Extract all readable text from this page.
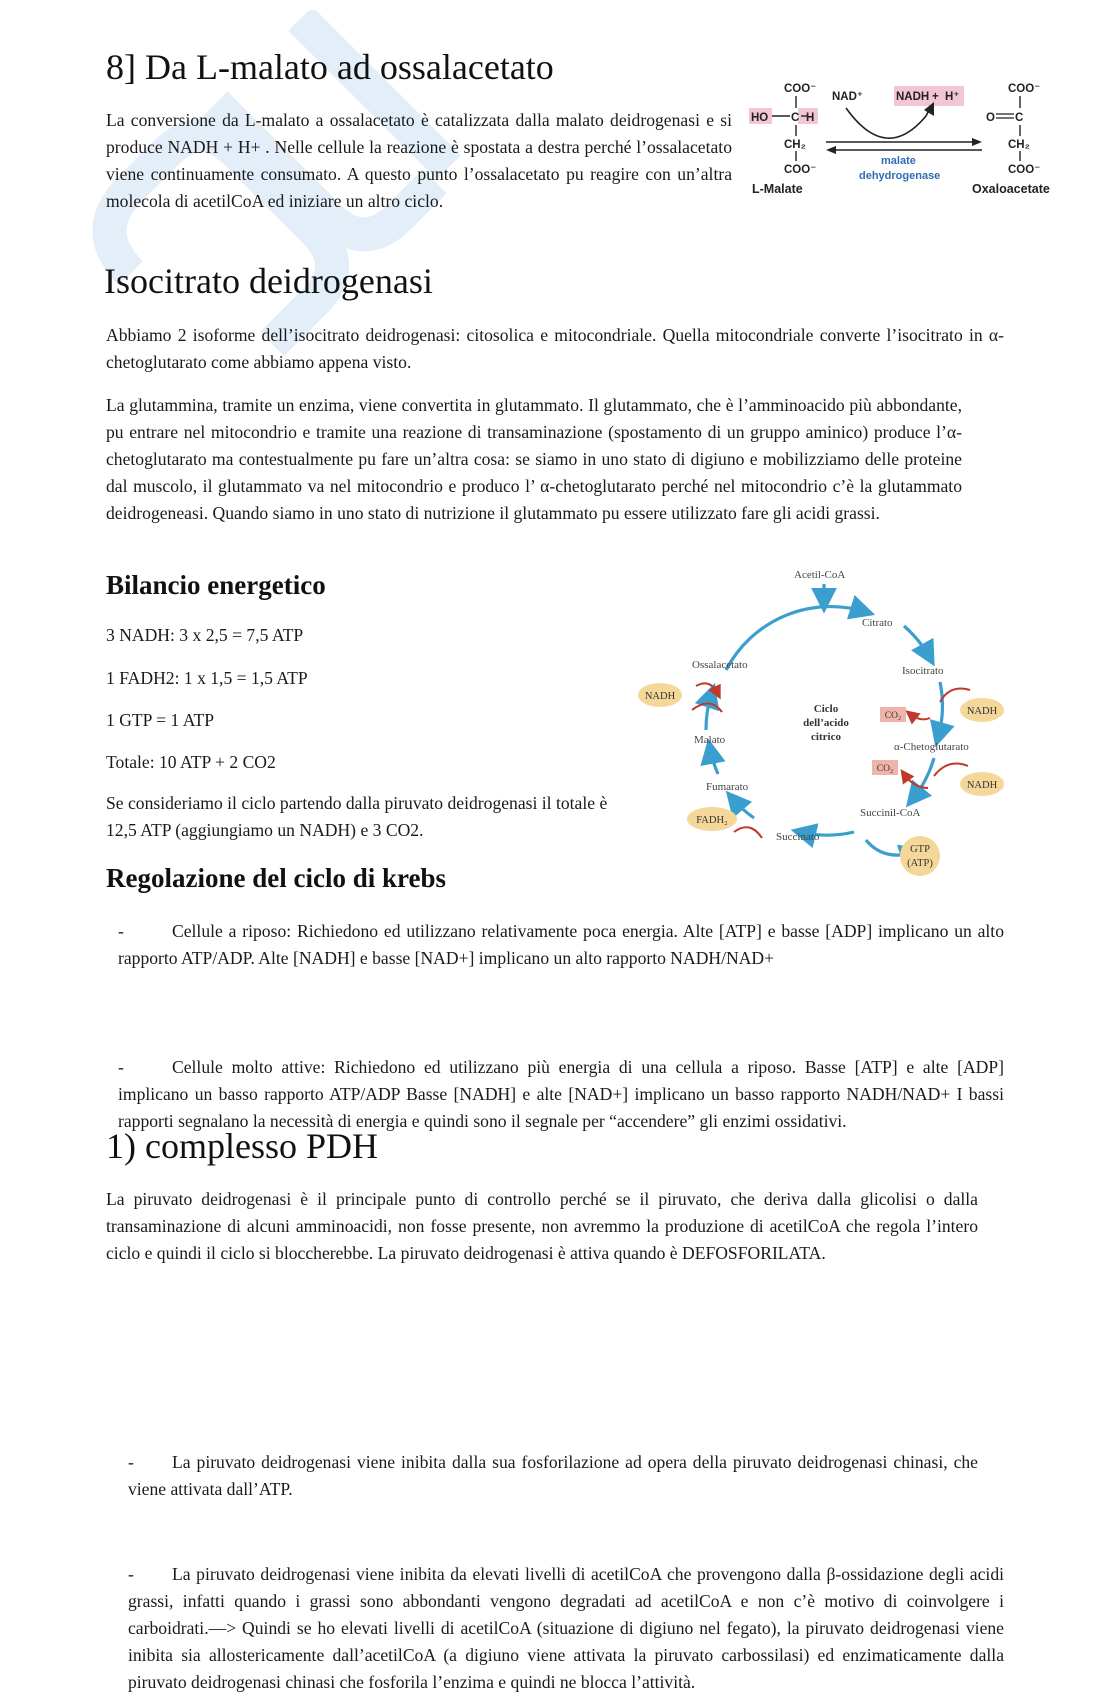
8] Da L-malato ad ossalacetato

La conversione da L-malato a ossalacetato è catalizzata dalla malato deidrogenasi e si produce NADH + H+ . Nelle cellule la reazione è spostata a destra perché l’ossalacetato viene continuamente consumato. A questo punto l’ossalacetato pu reagire con un’altra molecola di acetilCoA ed iniziare un altro ciclo.

COO⁻
HO C H
CH₂
COO⁻
L-Malate
NAD⁺	NADH + H⁺
malate
dehydrogenase
COO⁻
O C
CH₂
COO⁻
Oxaloacetate
Isocitrato deidrogenasi

Abbiamo 2 isoforme dell’isocitrato deidrogenasi: citosolica e mitocondriale. Quella mitocondriale converte l’isocitrato in α-chetoglutarato come abbiamo appena visto.

La glutammina, tramite un enzima, viene convertita in glutammato. Il glutammato, che è l’amminoacido più abbondante, pu entrare nel mitocondrio e tramite una reazione di transaminazione (spostamento di un gruppo aminico) produce l’α-chetoglutarato ma contestualmente pu fare un’altra cosa: se siamo in uno stato di digiuno e mobilizziamo delle proteine dal muscolo, il glutammato va nel mitocondrio e produco l’ α-chetoglutarato perché nel mitocondrio c’è la glutammato deidrogeneasi. Quando siamo in uno stato di nutrizione il glutammato pu essere utilizzato fare gli acidi grassi.

Bilancio energetico

3 NADH: 3 x 2,5 = 7,5 ATP

1 FADH2: 1 x 1,5 = 1,5 ATP

1 GTP = 1 ATP

Totale: 10 ATP + 2 CO2

Se consideriamo il ciclo partendo dalla piruvato deidrogenasi il totale è 12,5 ATP (aggiungiamo un NADH) e 3 CO2.

Acetil-CoA
Citrato
Isocitrato
α-Chetoglutarato
Succinil-CoA
Succinato
Fumarato
Malato
Ossalacetato
Ciclo
dell’acido
citrico
NADH
NADH
NADH
CO₂
CO₂
FADH₂
GTP
(ATP)
Regolazione del ciclo di krebs

-	Cellule a riposo: Richiedono ed utilizzano relativamente poca energia. Alte [ATP] e basse [ADP] implicano un alto rapporto ATP/ADP. Alte [NADH] e basse [NAD+] implicano un alto rapporto NADH/NAD+

-	Cellule molto attive: Richiedono ed utilizzano più energia di una cellula a riposo. Basse [ATP] e alte [ADP] implicano un basso rapporto ATP/ADP Basse [NADH] e alte [NAD+] implicano un basso rapporto NADH/NAD+ I bassi rapporti segnalano la necessità di energia e quindi sono il segnale per “accendere” gli enzimi ossidativi.

1) complesso PDH

La piruvato deidrogenasi è il principale punto di controllo perché se il piruvato, che deriva dalla glicolisi o dalla transaminazione di alcuni amminoacidi, non fosse presente, non avremmo la produzione di acetilCoA che regola l’intero ciclo e quindi il ciclo si bloccherebbe. La piruvato deidrogenasi è attiva quando è DEFOSFORILATA.

- La piruvato deidrogenasi viene inibita dalla sua fosforilazione ad opera della piruvato deidrogenasi chinasi, che viene attivata dall’ATP.

- La piruvato deidrogenasi viene inibita da elevati livelli di acetilCoA che provengono dalla β-ossidazione degli acidi grassi, infatti quando i grassi sono abbondanti vengono degradati ad acetilCoA e non c’è motivo di coinvolgere i carboidrati.—> Quindi se ho elevati livelli di acetilCoA (situazione di digiuno nel fegato), la piruvato deidrogenasi viene inibita sia allostericamente dall’acetilCoA (a digiuno viene attivata la piruvato carbossilasi) ed enzimaticamente dalla piruvato deidrogenasi chinasi che fosforila l’enzima e quindi ne blocca l’attività.
